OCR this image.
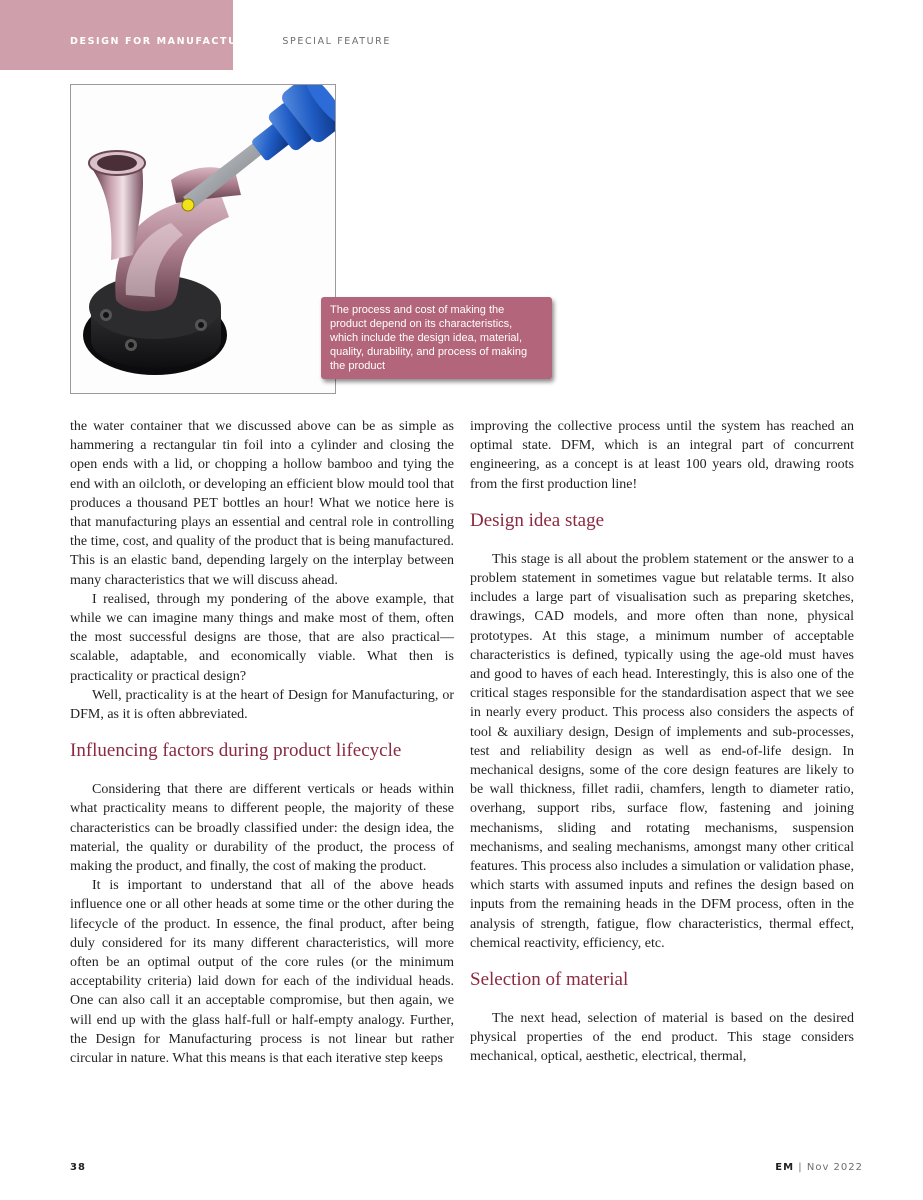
DESIGN FOR MANUFACTURING SPECIAL FEATURE
The process and cost of making the product depend on its characteristics, which include the design idea, material, quality, durability, and process of making the product

the water container that we discussed above can be as simple as hammering a rectangular tin foil into a cylinder and closing the open ends with a lid, or chopping a hollow bamboo and tying the end with an oilcloth, or developing an efficient blow mould tool that produces a thousand PET bottles an hour! What we notice here is that manufacturing plays an essential and central role in controlling the time, cost, and quality of the product that is being manufactured. This is an elastic band, depending largely on the interplay between many characteristics that we will discuss ahead.

I realised, through my pondering of the above example, that while we can imagine many things and make most of them, often the most successful designs are those, that are also practical—scalable, adaptable, and economically viable. What then is practicality or practical design?

Well, practicality is at the heart of Design for Manufacturing, or DFM, as it is often abbreviated.

Influencing factors during product lifecycle

Considering that there are different verticals or heads within what practicality means to different people, the majority of these characteristics can be broadly classified under: the design idea, the material, the quality or durability of the product, the process of making the product, and finally, the cost of making the product.

It is important to understand that all of the above heads influence one or all other heads at some time or the other during the lifecycle of the product. In essence, the final product, after being duly considered for its many different characteristics, will more often be an optimal output of the core rules (or the minimum acceptability criteria) laid down for each of the individual heads. One can also call it an acceptable compromise, but then again, we will end up with the glass half-full or half-empty analogy. Further, the Design for Manufacturing process is not linear but rather circular in nature. What this means is that each iterative step keeps

improving the collective process until the system has reached an optimal state. DFM, which is an integral part of concurrent engineering, as a concept is at least 100 years old, drawing roots from the first production line!

Design idea stage

This stage is all about the problem statement or the answer to a problem statement in sometimes vague but relatable terms. It also includes a large part of visualisation such as preparing sketches, drawings, CAD models, and more often than none, physical prototypes. At this stage, a minimum number of acceptable characteristics is defined, typically using the age-old must haves and good to haves of each head. Interestingly, this is also one of the critical stages responsible for the standardisation aspect that we see in nearly every product. This process also considers the aspects of tool & auxiliary design, Design of implements and sub-processes, test and reliability design as well as end-of-life design. In mechanical designs, some of the core design features are likely to be wall thickness, fillet radii, chamfers, length to diameter ratio, overhang, support ribs, surface flow, fastening and joining mechanisms, sliding and rotating mechanisms, suspension mechanisms, and sealing mechanisms, amongst many other critical features. This process also includes a simulation or validation phase, which starts with assumed inputs and refines the design based on inputs from the remaining heads in the DFM process, often in the analysis of strength, fatigue, flow characteristics, thermal effect, chemical reactivity, efficiency, etc.

Selection of material

The next head, selection of material is based on the desired physical properties of the end product. This stage considers mechanical, optical, aesthetic, electrical, thermal,

38	EM | Nov 2022
